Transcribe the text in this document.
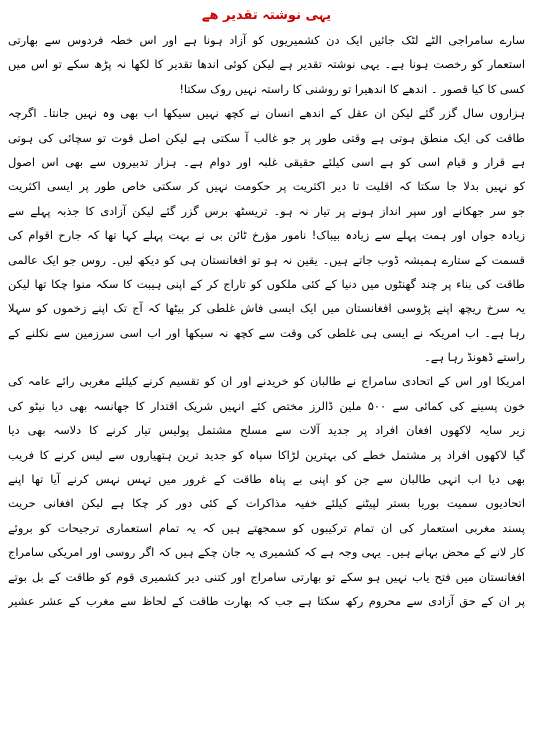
یہی نوشتہ تقدیر ھے
سارے سامراجی الٹے لٹک جائیں ایک دن کشمیریوں کو آزاد ہونا ہے اور اس خطہ فردوس سے بھارتی
استعمار کو رخصت ہونا ہے۔ یہی نوشتہ تقدیر ہے لیکن کوئی اندھا تقدیر کا لکھا نہ پڑھ سکے تو اس میں
کسی کا کیا قصور ۔ اندھے کا اندھیرا تو روشنی کا راستہ نہیں روک سکتا!
ہزاروں سال گزر گئے لیکن ان عقل کے اندھے انسان نے کچھ نہیں سیکھا اب بھی وہ نہیں جانتا۔ اگرچہ
طاقت کی ایک منطق ہوتی ہے وقتی طور پر جو غالب آ سکتی ہے لیکن اصل قوت تو سچائی کی ہوتی
ہے قرار و قیام اسی کو ہے اسی کیلئے حقیقی غلبہ اور دوام ہے۔ ہزار تدبیروں سے بھی اس اصول
کو نہیں بدلا جا سکتا کہ اقلیت تا دیر اکثریت پر حکومت نہیں کر سکتی خاص طور پر ایسی اکثریت
جو سر جھکانے اور سپر انداز ہونے پر تیار نہ ہو۔ تریسٹھ برس گزر گئے لیکن آزادی کا جذبہ پہلے سے
زیادہ جواں اور ہمت پہلے سے زیادہ بیباک! نامور مؤرخ ٹائن بی نے بہت پہلے کہا تھا کہ جارح اقوام کی
قسمت کے ستارے ہمیشہ ڈوب جاتے ہیں۔ یقین نہ ہو تو افغانستان ہی کو دیکھ لیں۔ روس جو ایک عالمی
طاقت کی بناء پر چند گھنٹوں میں دنیا کے کئی ملکوں کو تاراج کر کے اپنی ہیبت کا سکہ منوا چکا تھا لیکن
یہ سرخ ریچھ اپنے پڑوسی افغانستان میں ایک ایسی فاش غلطی کر بیٹھا کہ آج تک اپنے زخموں کو سہلا
رہا ہے۔ اب امریکہ نے ایسی ہی غلطی کی وقت سے کچھ نہ سیکھا اور اب اسی سرزمین سے نکلنے کے
راستے ڈھونڈ رہا ہے۔
امریکا اور اس کے اتحادی سامراج نے طالبان کو خریدنے اور ان کو تقسیم کرنے کیلئے مغربی رائے عامہ کی
خون پسینے کی کمائی سے ۵۰۰ ملین ڈالرز مختص کئے انہیں شریک اقتدار کا جھانسہ بھی دیا نیٹو کی
زیر سایہ لاکھوں افغان افراد پر جدید آلات سے مسلح مشتمل پولیس تیار کرنے کا دلاسہ بھی دیا
گیا لاکھوں افراد پر مشتمل خطے کی بہترین لڑاکا سپاہ کو جدید ترین ہتھیاروں سے لیس کرنے کا فریب
بھی دیا اب انہی طالبان سے جن کو اپنی بے پناہ طاقت کے غرور میں تہس نہس کرنے آیا تھا اپنے
اتحادیوں سمیت بوریا بستر لپیٹنے کیلئے خفیہ مذاکرات کے کئی دور کر چکا ہے لیکن افغانی حریت
پسند مغربی استعمار کی ان تمام ترکیبوں کو سمجھتے ہیں کہ یہ تمام استعماری ترجیحات کو بروئے
کار لانے کے محض بہانے ہیں۔ یہی وجہ ہے کہ کشمیری یہ جان چکے ہیں کہ اگر روسی اور امریکی سامراج
افغانستان میں فتح یاب نہیں ہو سکے تو بھارتی سامراج اور کتنی دیر کشمیری قوم کو طاقت کے بل بوتے
پر ان کے حق آزادی سے محروم رکھ سکتا ہے جب کہ بھارت طاقت کے لحاظ سے مغرب کے عشر عشیر
